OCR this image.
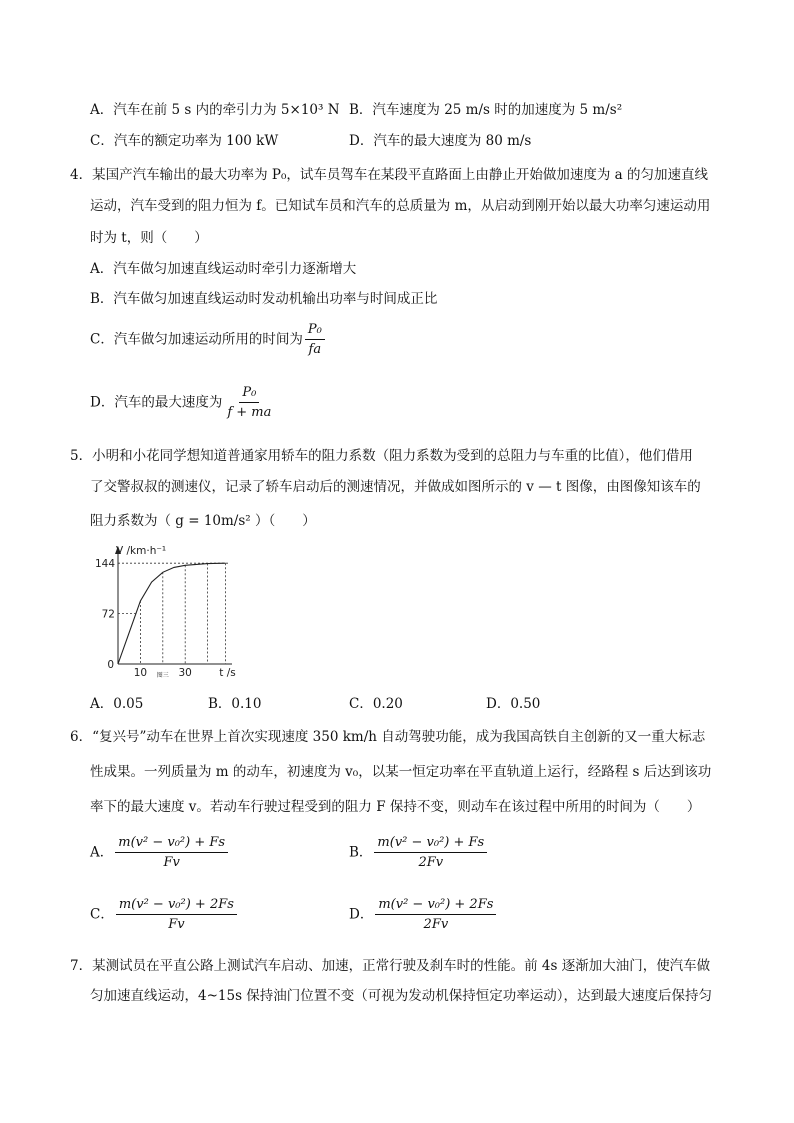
A．汽车在前 5 s 内的牵引力为 5×10³ N B．汽车速度为 25 m/s 时的加速度为 5 m/s²
C．汽车的额定功率为 100 kW	D．汽车的最大速度为 80 m/s
4．某国产汽车输出的最大功率为 P₀，试车员驾车在某段平直路面上由静止开始做加速度为 a 的匀加速直线
运动，汽车受到的阻力恒为 f。已知试车员和汽车的总质量为 m，从启动到刚开始以最大功率匀速运动用
时为 t，则（　　）
A．汽车做匀加速直线运动时牵引力逐渐增大
B．汽车做匀加速直线运动时发动机输出功率与时间成正比
C．汽车做匀加速运动所用的时间为 $\frac{\text{P₀}}{fa}$
D．汽车的最大速度为 $\frac{\text{P₀}}{f + ma}$
5．小明和小花同学想知道普通家用轿车的阻力系数（阻力系数为受到的总阻力与车重的比值），他们借用
了交警叔叔的测速仪，记录了轿车启动后的测速情况，并做成如图所示的 v — t 图像，由图像知该车的
阻力系数为（ g = 10m/s² ）（　　）
V /km·h⁻¹
72
144
10	30
0
t /s
图三
A．0.05	B．0.10	C．0.20	D．0.50
6．“复兴号”动车在世界上首次实现速度 350 km/h 自动驾驶功能，成为我国高铁自主创新的又一重大标志
性成果。一列质量为 m 的动车，初速度为 v₀，以某一恒定功率在平直轨道上运行，经路程 s 后达到该功
率下的最大速度 v。若动车行驶过程受到的阻力 F 保持不变，则动车在该过程中所用的时间为（　　）
A． $\frac{\text{m(v² − v₀²) + Fs}}{Fv}$	B． $\frac{\text{m(v² − v₀²) + Fs}}{2Fv}$
C． $\frac{\text{m(v² − v₀²) + 2Fs}}{Fv}$	D． $\frac{\text{m(v² − v₀²) + 2Fs}}{2Fv}$
7．某测试员在平直公路上测试汽车启动、加速，正常行驶及刹车时的性能。前 4s 逐渐加大油门，使汽车做
匀加速直线运动，4~15s 保持油门位置不变（可视为发动机保持恒定功率运动），达到最大速度后保持匀
